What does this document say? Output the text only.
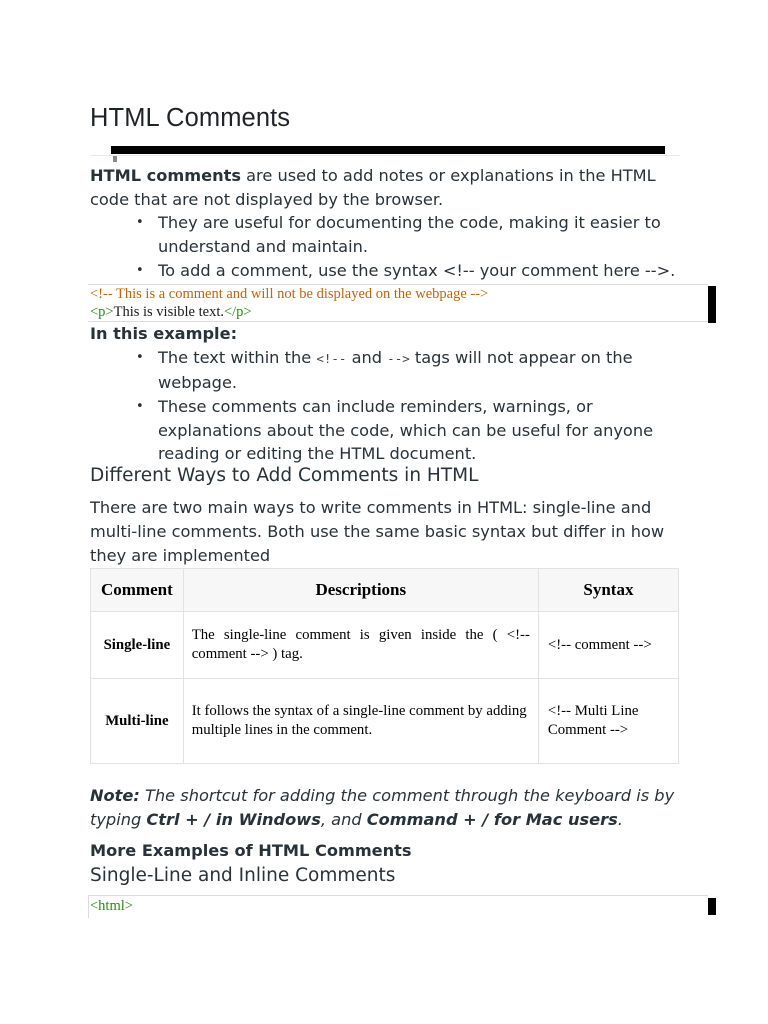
HTML Comments

HTML comments are used to add notes or explanations in the HTML code that are not displayed by the browser.

• They are useful for documenting the code, making it easier to understand and maintain.
• To add a comment, use the syntax <!-- your comment here -->.
<!-- This is a comment and will not be displayed on the webpage -->
<p>This is visible text.</p>

In this example:

• The text within the <!-- and --> tags will not appear on the webpage.
• These comments can include reminders, warnings, or explanations about the code, which can be useful for anyone reading or editing the HTML document.
Different Ways to Add Comments in HTML

There are two main ways to write comments in HTML: single-line and multi-line comments. Both use the same basic syntax but differ in how they are implemented

Comment	Descriptions	Syntax
Single-line	The single-line comment is given inside the ( <!-- comment --> ) tag.	<!-- comment -->
Multi-line	It follows the syntax of a single-line comment by adding multiple lines in the comment.	<!-- Multi Line Comment -->

Note: The shortcut for adding the comment through the keyboard is by typing Ctrl + / in Windows, and Command + / for Mac users.

More Examples of HTML Comments

Single-Line and Inline Comments
<html>
